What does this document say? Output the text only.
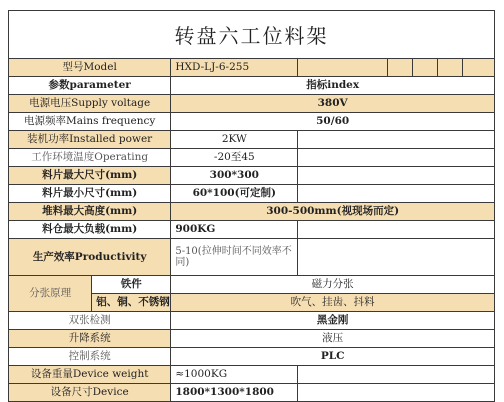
转盘六工位料架
型号Model		HXD-LJ-6-255					
参数parameter		指标index					
电源电压Supply voltage		380V					
电源频率Mains frequency		50/60					
装机功率Installed power		2KW					
工作环境温度Operating		-20至45					
料片最大尺寸(mm)		300*300					
料片最小尺寸(mm)		60*100(可定制)					
堆料最大高度(mm)		300-500mm(视现场而定)					
料仓最大负载(mm)		900KG					
生产效率Productivity		5-10(拉伸时间不同效率不同)					
分张原理	铁件	磁力分张					
	铝、铜、不锈钢	吹气、挂齿、抖料					
双张检测		黑金刚					
升降系统		液压					
控制系统		PLC					
设备重量Device weight		≈1000KG					
设备尺寸Device		1800*1300*1800					
